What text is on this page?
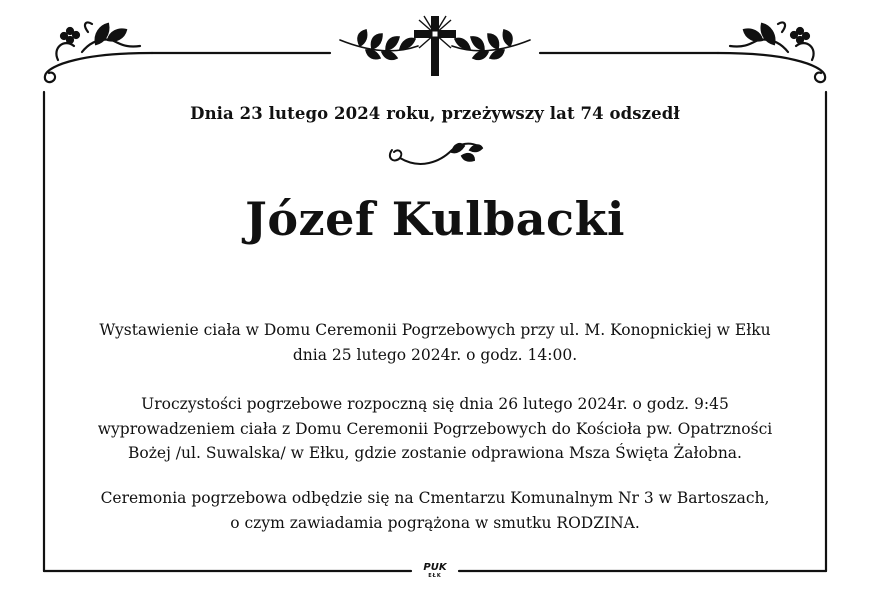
Dnia 23 lutego 2024 roku, przeżywszy lat 74 odszedł
Józef Kulbacki
Wystawienie ciała w Domu Ceremonii Pogrzebowych przy ul. M. Konopnickiej w Ełku
dnia 25 lutego 2024r. o godz. 14:00.
Uroczystości pogrzebowe rozpoczną się dnia 26 lutego 2024r. o godz. 9:45
wyprowadzeniem ciała z Domu Ceremonii Pogrzebowych do Kościoła pw. Opatrzności
Bożej /ul. Suwalska/ w Ełku, gdzie zostanie odprawiona Msza Święta Żałobna.
Ceremonia pogrzebowa odbędzie się na Cmentarzu Komunalnym Nr 3 w Bartoszach,
o czym zawiadamia pogrążona w smutku RODZINA.
PUK
EŁK
